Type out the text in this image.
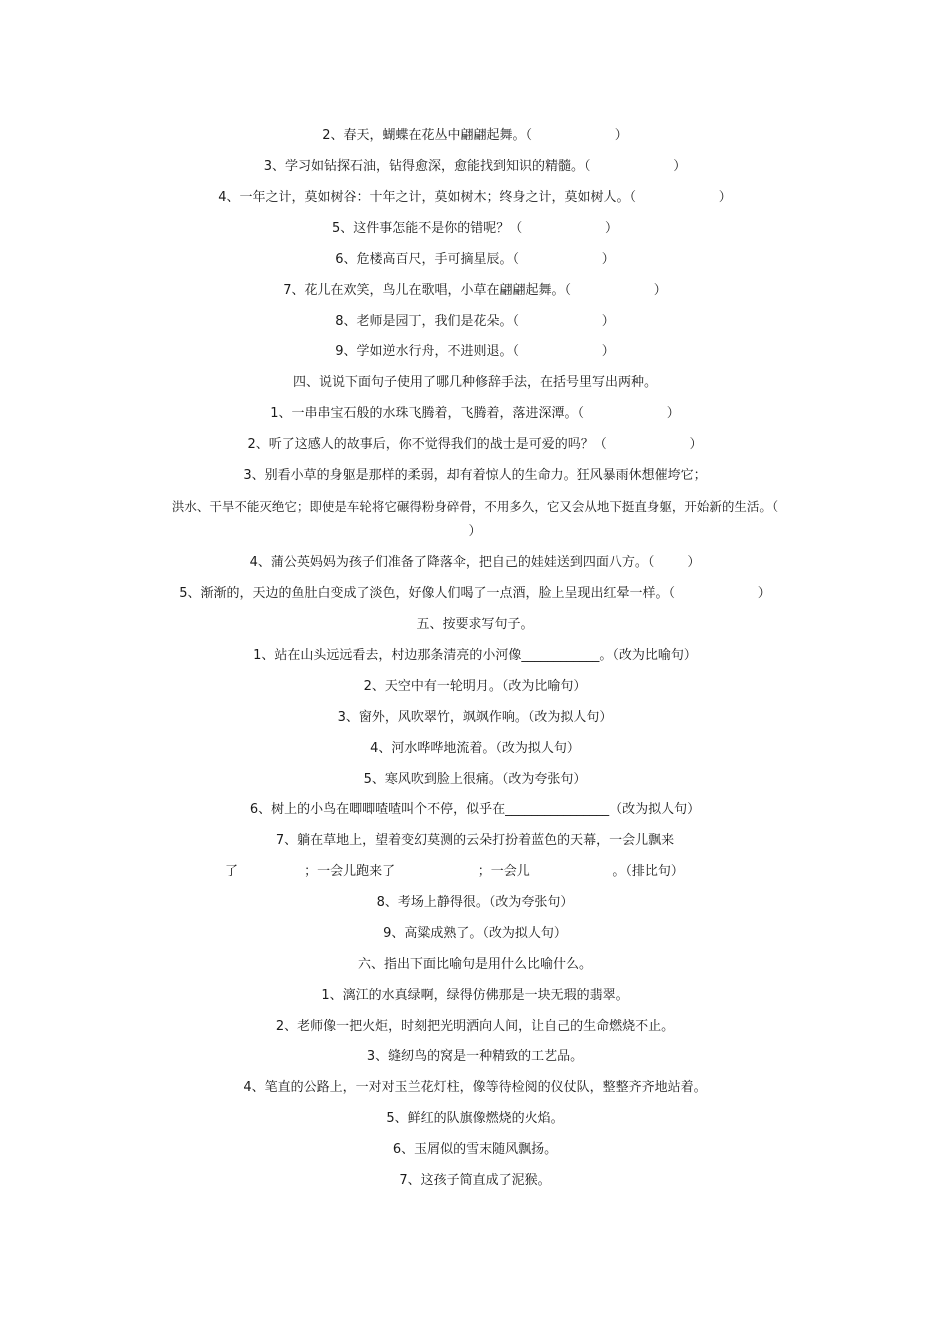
2、春天，蝴蝶在花丛中翩翩起舞。（                    ）
3、学习如钻探石油，钻得愈深，愈能找到知识的精髓。（                    ）
4、一年之计，莫如树谷：十年之计，莫如树木；终身之计，莫如树人。（                    ）
5、这件事怎能不是你的错呢？（                    ）
6、危楼高百尺，手可摘星辰。（                    ）
7、花儿在欢笑，鸟儿在歌唱，小草在翩翩起舞。（                    ）
8、老师是园丁，我们是花朵。（                    ）
9、学如逆水行舟，不进则退。（                    ）
四、说说下面句子使用了哪几种修辞手法，在括号里写出两种。
1、一串串宝石般的水珠飞腾着，飞腾着，落进深潭。（                    ）
2、听了这感人的故事后，你不觉得我们的战士是可爱的吗？（                    ）
3、别看小草的身躯是那样的柔弱，却有着惊人的生命力。狂风暴雨休想催垮它；
洪水、干旱不能灭绝它；即使是车轮将它碾得粉身碎骨，不用多久，它又会从地下挺直身躯，开始新的生活。（
）
4、蒲公英妈妈为孩子们准备了降落伞，把自己的娃娃送到四面八方。（        ）
5、渐渐的，天边的鱼肚白变成了淡色，好像人们喝了一点酒，脸上呈现出红晕一样。（                    ）
五、按要求写句子。
1、站在山头远远看去，村边那条清亮的小河像____________。（改为比喻句）
2、天空中有一轮明月。（改为比喻句）
3、窗外，风吹翠竹，飒飒作响。（改为拟人句）
4、河水哗哗地流着。（改为拟人句）
5、寒风吹到脸上很痛。（改为夸张句）
6、树上的小鸟在唧唧喳喳叫个不停，似乎在________________（改为拟人句）
7、躺在草地上，望着变幻莫测的云朵打扮着蓝色的天幕，一会儿飘来
了                ；一会儿跑来了                    ；一会儿                    。（排比句）
8、考场上静得很。（改为夸张句）
9、高粱成熟了。（改为拟人句）
六、指出下面比喻句是用什么比喻什么。
1、漓江的水真绿啊，绿得仿佛那是一块无瑕的翡翠。
2、老师像一把火炬，时刻把光明洒向人间，让自己的生命燃烧不止。
3、缝纫鸟的窝是一种精致的工艺品。
4、笔直的公路上，一对对玉兰花灯柱，像等待检阅的仪仗队，整整齐齐地站着。
5、鲜红的队旗像燃烧的火焰。
6、玉屑似的雪末随风飘扬。
7、这孩子简直成了泥猴。
